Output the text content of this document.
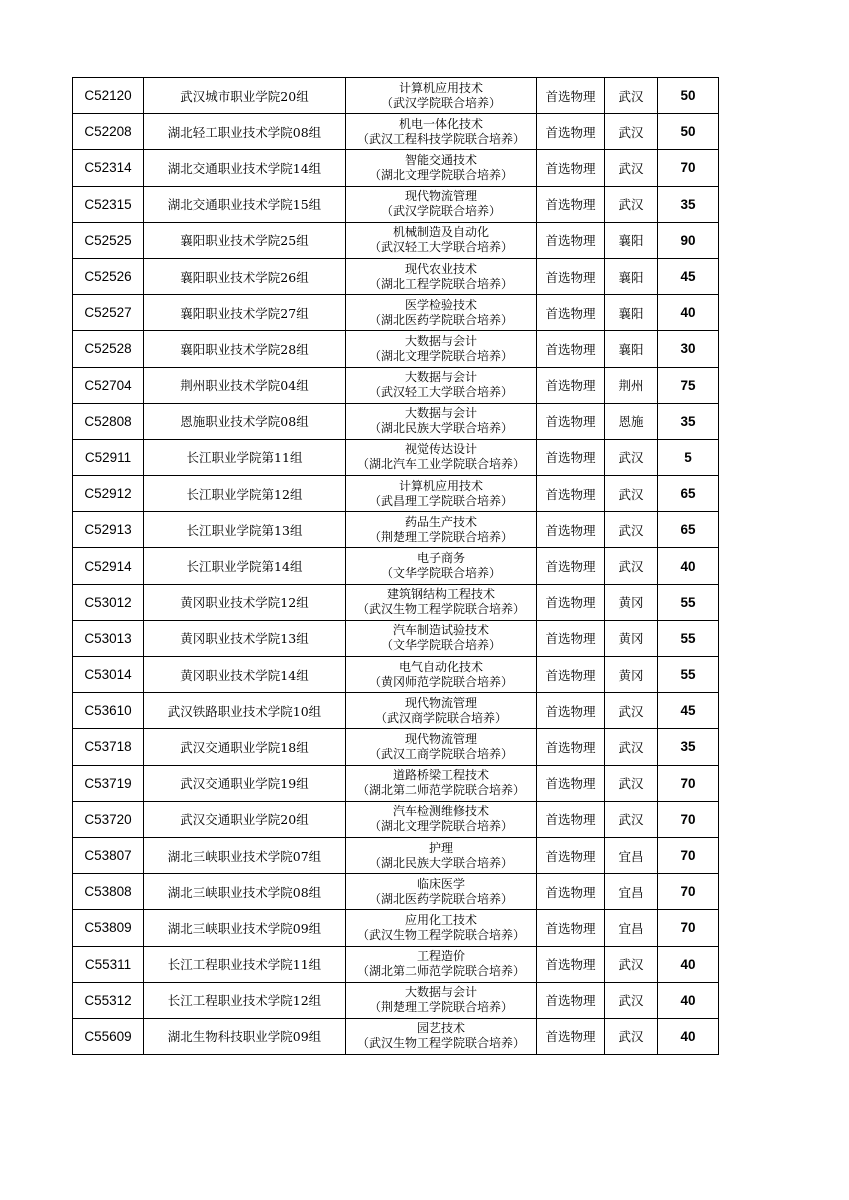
C52120	武汉城市职业学院20组	计算机应用技术
（武汉学院联合培养）	首选物理	武汉	50
C52208	湖北轻工职业技术学院08组	机电一体化技术
（武汉工程科技学院联合培养）	首选物理	武汉	50
C52314	湖北交通职业技术学院14组	智能交通技术
（湖北文理学院联合培养）	首选物理	武汉	70
C52315	湖北交通职业技术学院15组	现代物流管理
（武汉学院联合培养）	首选物理	武汉	35
C52525	襄阳职业技术学院25组	机械制造及自动化
（武汉轻工大学联合培养）	首选物理	襄阳	90
C52526	襄阳职业技术学院26组	现代农业技术
（湖北工程学院联合培养）	首选物理	襄阳	45
C52527	襄阳职业技术学院27组	医学检验技术
（湖北医药学院联合培养）	首选物理	襄阳	40
C52528	襄阳职业技术学院28组	大数据与会计
（湖北文理学院联合培养）	首选物理	襄阳	30
C52704	荆州职业技术学院04组	大数据与会计
（武汉轻工大学联合培养）	首选物理	荆州	75
C52808	恩施职业技术学院08组	大数据与会计
（湖北民族大学联合培养）	首选物理	恩施	35
C52911	长江职业学院第11组	视觉传达设计
（湖北汽车工业学院联合培养）	首选物理	武汉	5
C52912	长江职业学院第12组	计算机应用技术
（武昌理工学院联合培养）	首选物理	武汉	65
C52913	长江职业学院第13组	药品生产技术
（荆楚理工学院联合培养）	首选物理	武汉	65
C52914	长江职业学院第14组	电子商务
（文华学院联合培养）	首选物理	武汉	40
C53012	黄冈职业技术学院12组	建筑钢结构工程技术
（武汉生物工程学院联合培养）	首选物理	黄冈	55
C53013	黄冈职业技术学院13组	汽车制造试验技术
（文华学院联合培养）	首选物理	黄冈	55
C53014	黄冈职业技术学院14组	电气自动化技术
（黄冈师范学院联合培养）	首选物理	黄冈	55
C53610	武汉铁路职业技术学院10组	现代物流管理
（武汉商学院联合培养）	首选物理	武汉	45
C53718	武汉交通职业学院18组	现代物流管理
（武汉工商学院联合培养）	首选物理	武汉	35
C53719	武汉交通职业学院19组	道路桥梁工程技术
（湖北第二师范学院联合培养）	首选物理	武汉	70
C53720	武汉交通职业学院20组	汽车检测维修技术
（湖北文理学院联合培养）	首选物理	武汉	70
C53807	湖北三峡职业技术学院07组	护理
（湖北民族大学联合培养）	首选物理	宜昌	70
C53808	湖北三峡职业技术学院08组	临床医学
（湖北医药学院联合培养）	首选物理	宜昌	70
C53809	湖北三峡职业技术学院09组	应用化工技术
（武汉生物工程学院联合培养）	首选物理	宜昌	70
C55311	长江工程职业技术学院11组	工程造价
（湖北第二师范学院联合培养）	首选物理	武汉	40
C55312	长江工程职业技术学院12组	大数据与会计
（荆楚理工学院联合培养）	首选物理	武汉	40
C55609	湖北生物科技职业学院09组	园艺技术
（武汉生物工程学院联合培养）	首选物理	武汉	40
